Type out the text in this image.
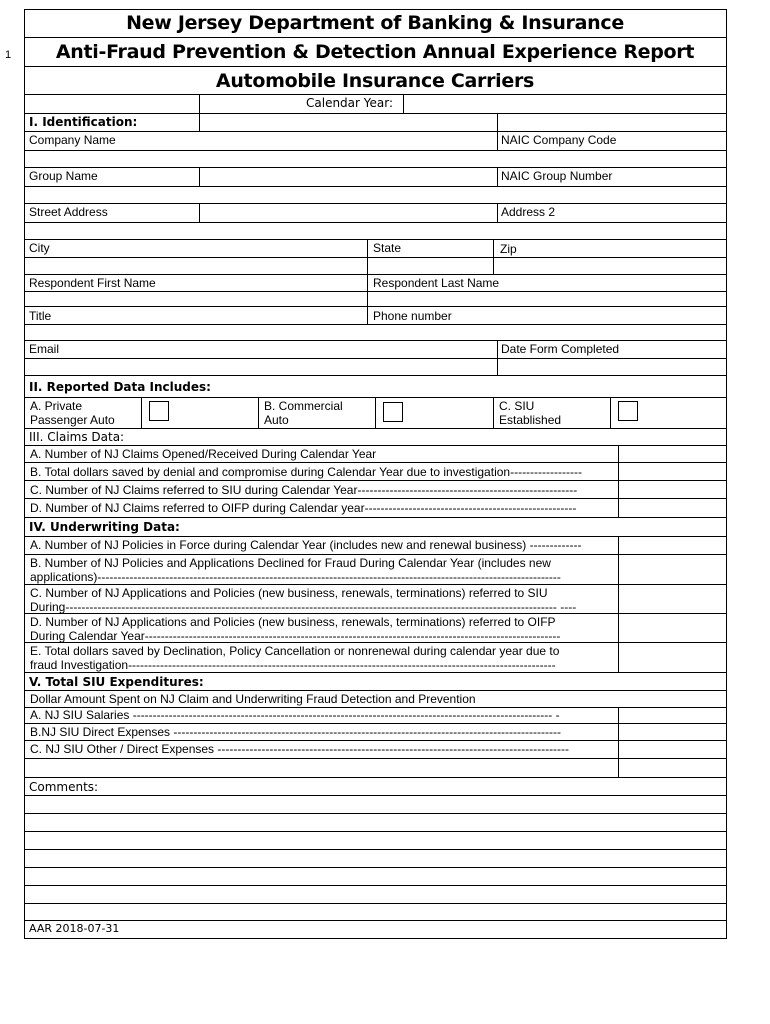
1
New Jersey Department of Banking & Insurance
Anti-Fraud Prevention & Detection Annual Experience Report
Automobile Insurance Carriers
Calendar Year:
I. Identification:
Company Name	NAIC Company Code
Group Name	NAIC Group Number
Street Address	Address 2
City	State	Zip
Respondent First Name	Respondent Last Name
Title	Phone number
Email	Date Form Completed
II. Reported Data Includes:
A. Private
Passenger Auto
B. Commercial
Auto
C. SIU
Established
III. Claims Data:
A. Number of NJ Claims Opened/Received During Calendar Year
B. Total dollars saved by denial and compromise during Calendar Year due to investigation------------------
C. Number of NJ Claims referred to SIU during Calendar Year-------------------------------------------------------
D. Number of NJ Claims referred to OIFP during Calendar year-----------------------------------------------------
IV. Underwriting Data:
A. Number of NJ Policies in Force during Calendar Year (includes new and renewal business) -------------
B. Number of NJ Policies and Applications Declined for Fraud During Calendar Year (includes new
applications)--------------------------------------------------------------------------------------------------------------------
C. Number of NJ Applications and Policies (new business, renewals, terminations) referred to SIU
During--------------------------------------------------------------------------------------------------------------------------- ----
D. Number of NJ Applications and Policies (new business, renewals, terminations) referred to OIFP
During Calendar Year--------------------------------------------------------------------------------------------------------
E. Total dollars saved by Declination, Policy Cancellation or nonrenewal during calendar year due to
fraud Investigation-----------------------------------------------------------------------------------------------------------
V. Total SIU Expenditures:
Dollar Amount Spent on NJ Claim and Underwriting Fraud Detection and Prevention
A. NJ SIU Salaries --------------------------------------------------------------------------------------------------------- -
B.NJ SIU Direct Expenses -------------------------------------------------------------------------------------------------
C. NJ SIU Other / Direct Expenses ----------------------------------------------------------------------------------------
Comments:
AAR 2018-07-31
